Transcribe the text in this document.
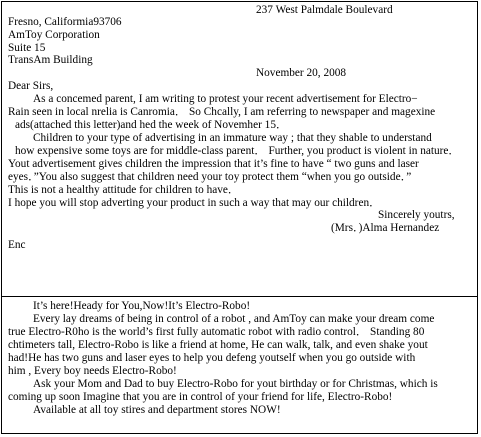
237 West Palmdale Boulevard
Fresno, Califormia93706
AmToy Corporation
Suite 15
TransAm Building
November 20, 2008
Dear Sirs,
As a concemed parent, I am writing to protest your recent advertisement for Electro−
Rain seen in local nrelia is Canromia． So Chcally, I am referring to newspaper and magexine
ads(attached this letter)and hed the week of Novemher 15．
Children to your type of advertising in an immature way ; that they shable to understand
how expensive some toys are for middle-class parent． Further, you product is violent in nature．
Yout advertisement gives children the impression that it’s fine to have “ two guns and laser
eyes．”You also suggest that children need your toy protect them “when you go outside．”
This is not a healthy attitude for children to have．
I hope you will stop adverting your product in such a way that may our children．
Sincerely youtrs,
(Mrs．)Alma Hernandez
Enc
It’s here!Heady for You,Now!It’s Electro-Robo!
Every lay dreams of being in control of a robot , and AmToy can make your dream come
true Electro-R0ho is the world’s first fully automatic robot with radio control． Standing 80
chtimeters tall, Electro-Robo is like a friend at home, He can walk, talk, and even shake yout
had!He has two guns and laser eyes to help you defeng youtself when you go outside with
him , Every boy needs Electro-Robo!
Ask your Mom and Dad to buy Electro-Robo for yout birthday or for Christmas, which is
coming up soon Imagine that you are in control of your friend for life, Electro-Robo!
Available at all toy stires and department stores NOW!
